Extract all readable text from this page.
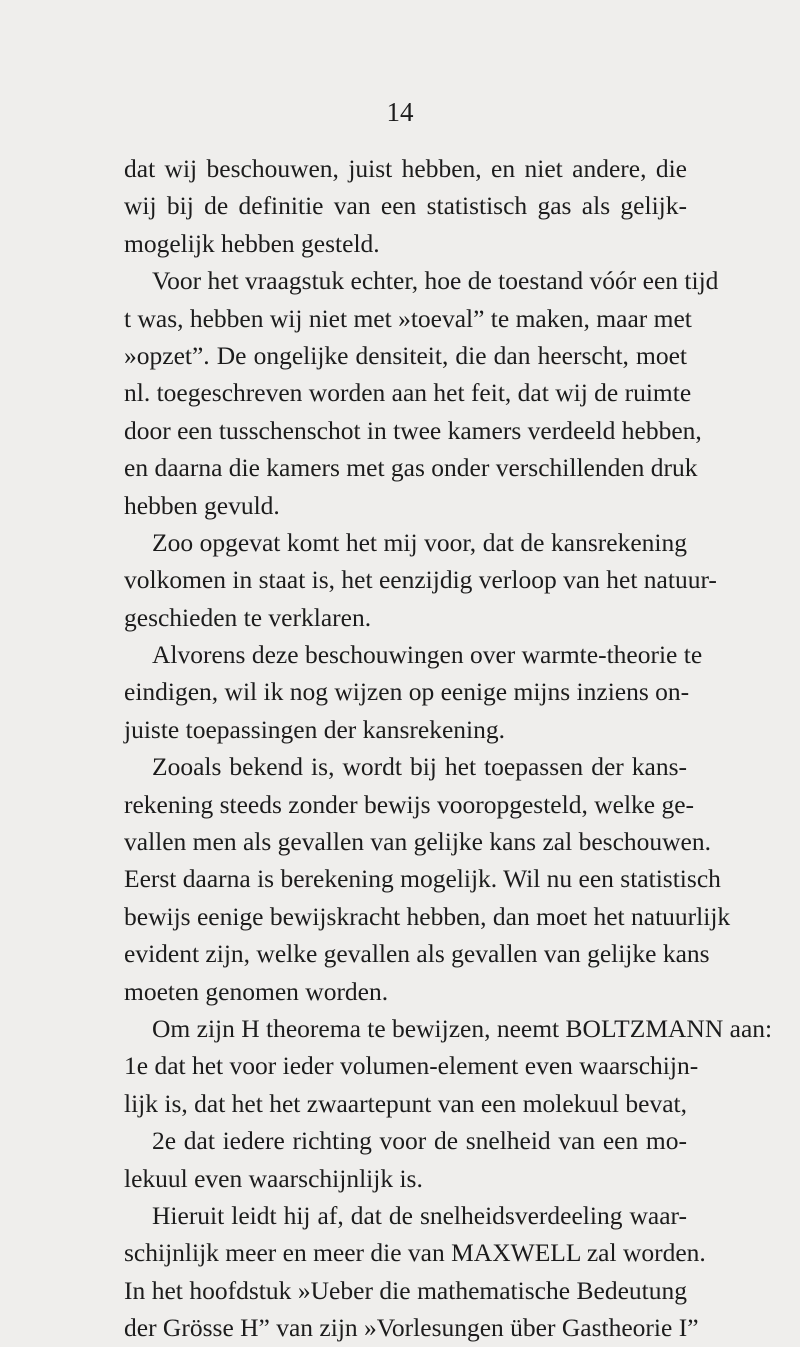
14
dat wij beschouwen, juist hebben, en niet andere, die
wij bij de definitie van een statistisch gas als gelijk-
mogelijk hebben gesteld.
Voor het vraagstuk echter, hoe de toestand vóór een tijd
t was, hebben wij niet met »toeval” te maken, maar met
»opzet”. De ongelijke densiteit, die dan heerscht, moet
nl. toegeschreven worden aan het feit, dat wij de ruimte
door een tusschenschot in twee kamers verdeeld hebben,
en daarna die kamers met gas onder verschillenden druk
hebben gevuld.
Zoo opgevat komt het mij voor, dat de kansrekening
volkomen in staat is, het eenzijdig verloop van het natuur-
geschieden te verklaren.
Alvorens deze beschouwingen over warmte-theorie te
eindigen, wil ik nog wijzen op eenige mijns inziens on-
juiste toepassingen der kansrekening.
Zooals bekend is, wordt bij het toepassen der kans-
rekening steeds zonder bewijs vooropgesteld, welke ge-
vallen men als gevallen van gelijke kans zal beschouwen.
Eerst daarna is berekening mogelijk. Wil nu een statistisch
bewijs eenige bewijskracht hebben, dan moet het natuurlijk
evident zijn, welke gevallen als gevallen van gelijke kans
moeten genomen worden.
Om zijn H theorema te bewijzen, neemt BOLTZMANN aan:
1e dat het voor ieder volumen-element even waarschijn-
lijk is, dat het het zwaartepunt van een molekuul bevat,
2e dat iedere richting voor de snelheid van een mo-
lekuul even waarschijnlijk is.
Hieruit leidt hij af, dat de snelheidsverdeeling waar-
schijnlijk meer en meer die van MAXWELL zal worden.
In het hoofdstuk »Ueber die mathematische Bedeutung
der Grösse H” van zijn »Vorlesungen über Gastheorie I”
